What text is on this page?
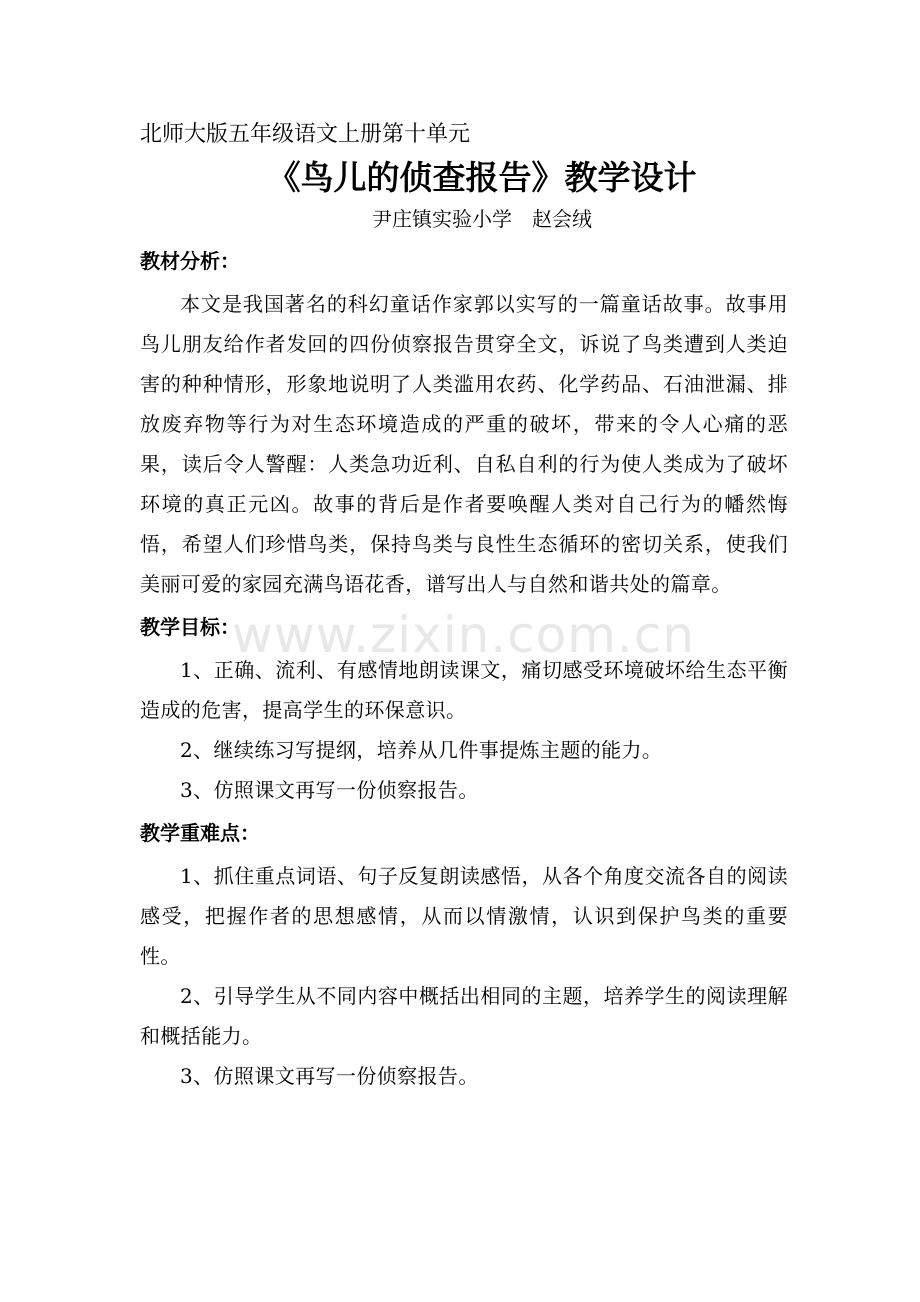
北师大版五年级语文上册第十单元

《鸟儿的侦查报告》教学设计

尹庄镇实验小学　赵会绒

教材分析：

本文是我国著名的科幻童话作家郭以实写的一篇童话故事。故事用鸟儿朋友给作者发回的四份侦察报告贯穿全文，诉说了鸟类遭到人类迫害的种种情形，形象地说明了人类滥用农药、化学药品、石油泄漏、排放废弃物等行为对生态环境造成的严重的破坏，带来的令人心痛的恶果，读后令人警醒：人类急功近利、自私自利的行为使人类成为了破坏环境的真正元凶。故事的背后是作者要唤醒人类对自己行为的幡然悔悟，希望人们珍惜鸟类，保持鸟类与良性生态循环的密切关系，使我们美丽可爱的家园充满鸟语花香，谱写出人与自然和谐共处的篇章。

教学目标：

1、正确、流利、有感情地朗读课文，痛切感受环境破坏给生态平衡造成的危害，提高学生的环保意识。

2、继续练习写提纲，培养从几件事提炼主题的能力。

3、仿照课文再写一份侦察报告。

教学重难点：

1、抓住重点词语、句子反复朗读感悟，从各个角度交流各自的阅读感受，把握作者的思想感情，从而以情激情，认识到保护鸟类的重要性。

2、引导学生从不同内容中概括出相同的主题，培养学生的阅读理解和概括能力。

3、仿照课文再写一份侦察报告。

www.zixin.com.cn
